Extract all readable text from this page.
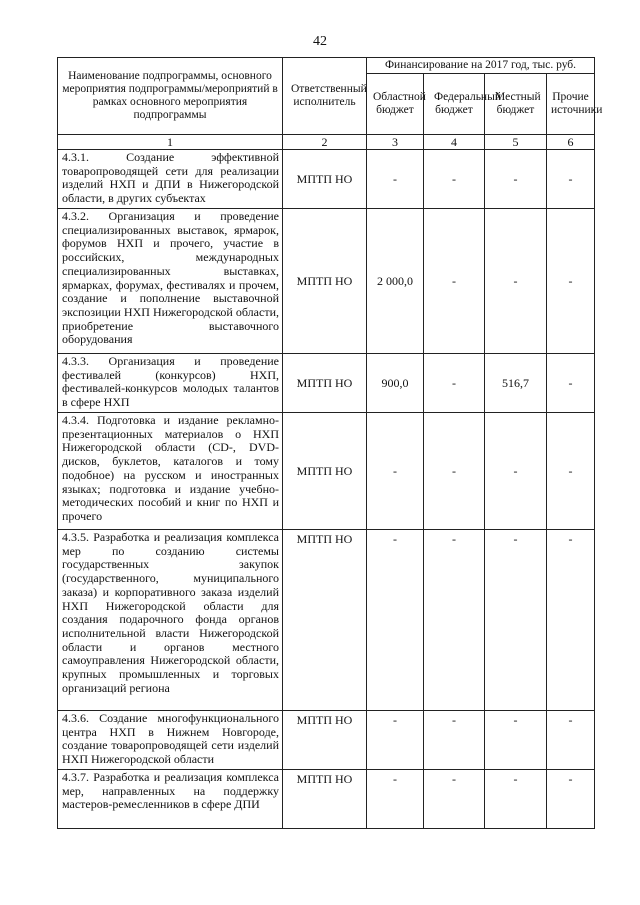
42
Наименование подпрограммы, основного мероприятия подпрограммы/мероприятий в рамках основного мероприятия подпрограммы	Ответственный исполнитель	Финансирование на 2017 год, тыс. руб.			
		Областной бюджет	Федеральный бюджет	Местный бюджет	Прочие источники
1	2	3	4	5	6
4.3.1. Создание эффективной товаропроводящей сети для реализации изделий НХП и ДПИ в Нижегородской области, в других субъектах	МПТП НО	-	-	-	-
4.3.2. Организация и проведение специализированных выставок, ярмарок, форумов НХП и прочего, участие в российских, международных специализированных выставках, ярмарках, форумах, фестивалях и прочем, создание и пополнение выставочной экспозиции НХП Нижегородской области, приобретение выставочного оборудования	МПТП НО	2 000,0	-	-	-
4.3.3. Организация и проведение фестивалей (конкурсов) НХП, фестивалей-конкурсов молодых талантов в сфере НХП	МПТП НО	900,0	-	516,7	-
4.3.4. Подготовка и издание рекламно-презентационных материалов о НХП Нижегородской области (CD-, DVD-дисков, буклетов, каталогов и тому подобное) на русском и иностранных языках; подготовка и издание учебно-методических пособий и книг по НХП и прочего	МПТП НО	-	-	-	-
4.3.5. Разработка и реализация комплекса мер по созданию системы государственных закупок (государственного, муниципального заказа) и корпоративного заказа изделий НХП Нижегородской области для создания подарочного фонда органов исполнительной власти Нижегородской области и органов местного самоуправления Нижегородской области, крупных промышленных и торговых организаций региона	МПТП НО	-	-	-	-
4.3.6. Создание многофункционального центра НХП в Нижнем Новгороде, создание товаропроводящей сети изделий НХП Нижегородской области	МПТП НО	-	-	-	-
4.3.7. Разработка и реализация комплекса мер, направленных на поддержку мастеров-ремесленников в сфере ДПИ	МПТП НО	-	-	-	-
